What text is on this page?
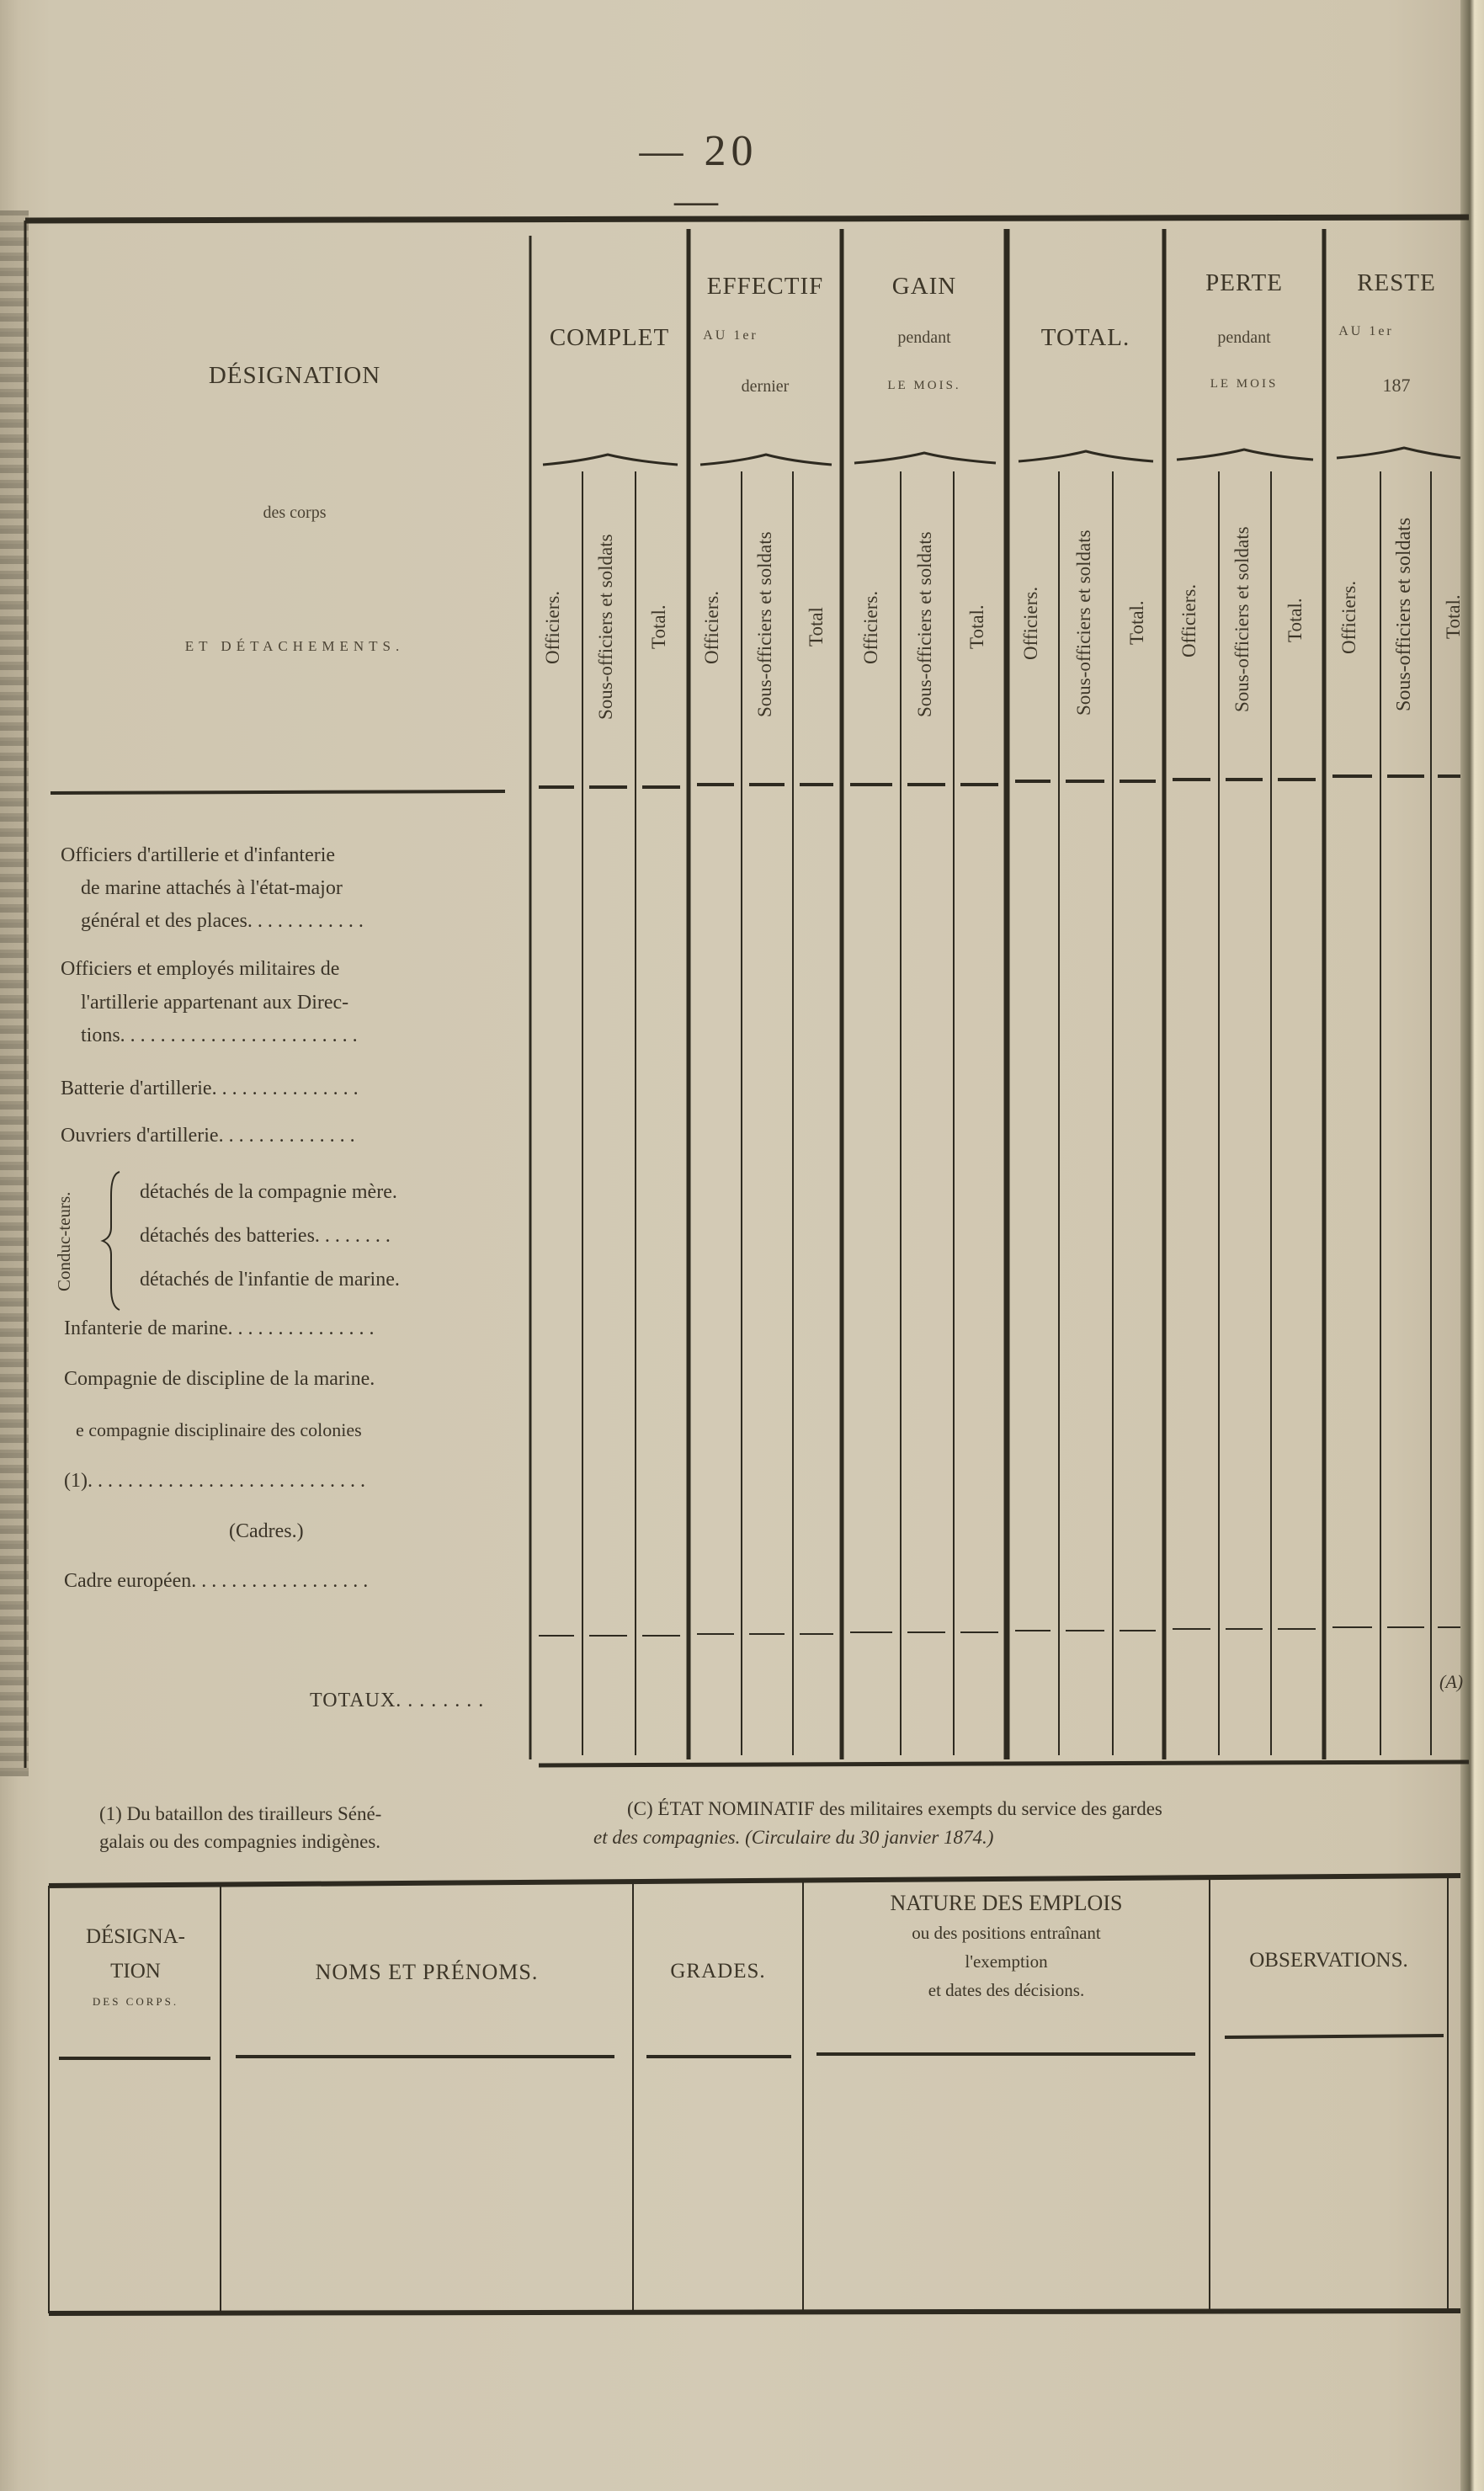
— 20 —
DÉSIGNATION
des corps
ET DÉTACHEMENTS.
COMPLET
EFFECTIF
AU 1er
dernier
GAIN
pendant
LE MOIS.
TOTAL.
PERTE
pendant
LE MOIS
RESTE
AU 1er
187
Officiers. Sous-officiers et soldats Total. Officiers. Sous-officiers et soldats Total Officiers. Sous-officiers et soldats Total. Officiers. Sous-officiers et soldats Total. Officiers. Sous-officiers et soldats Total. Officiers. Sous-officiers et soldats Total.
Officiers d'artillerie et d'infanterie
de marine attachés à l'état-major
général et des places. . . . . . . . . . . .
Officiers et employés militaires de
l'artillerie appartenant aux Direc-
tions. . . . . . . . . . . . . . . . . . . . . . . .
Batterie d'artillerie. . . . . . . . . . . . . . .
Ouvriers d'artillerie. . . . . . . . . . . . . .
Conduc-teurs.	détachés de la compagnie mère.
détachés des batteries. . . . . . . .
détachés de l'infantie de marine.
Infanterie de marine. . . . . . . . . . . . . . .
Compagnie de discipline de la marine.
e compagnie disciplinaire des colonies
(1). . . . . . . . . . . . . . . . . . . . . . . . . . . .
(Cadres.)
Cadre européen. . . . . . . . . . . . . . . . . .
TOTAUX. . . . . . . .
(A)
(1) Du bataillon des tirailleurs Séné-
galais ou des compagnies indigènes.
(C) ÉTAT NOMINATIF des militaires exempts du service des gardes
et des compagnies. (Circulaire du 30 janvier 1874.)
DÉSIGNA-
TION
DES CORPS.
NOMS ET PRÉNOMS.	GRADES.
NATURE DES EMPLOIS
ou des positions entraînant
l'exemption
et dates des décisions.
OBSERVATIONS.
